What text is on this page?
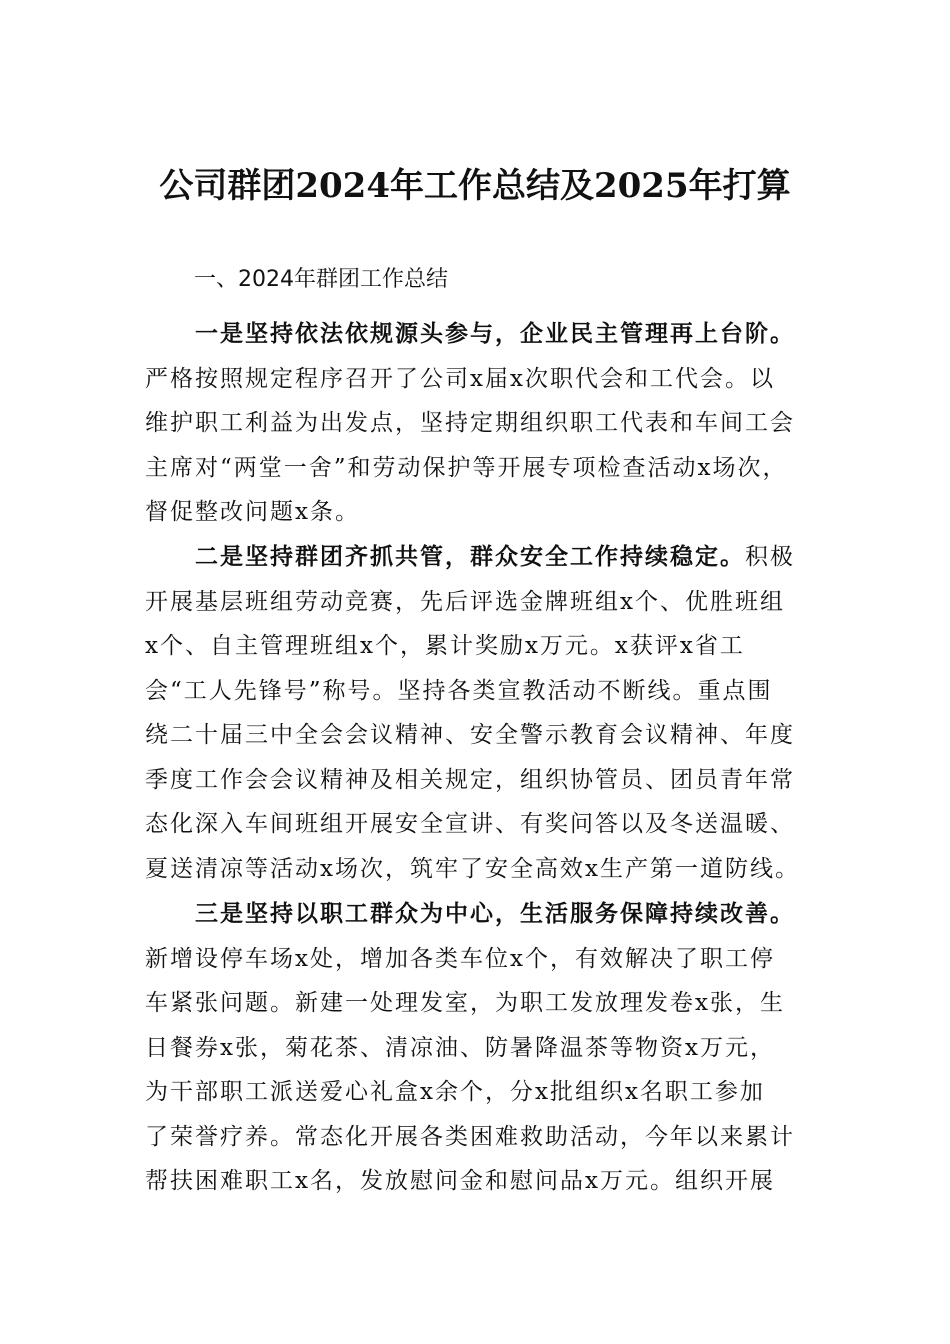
公司群团2024年工作总结及2025年打算
一、2024年群团工作总结
一是坚持依法依规源头参与，企业民主管理再上台阶。
严格按照规定程序召开了公司x届x次职代会和工代会。以
维护职工利益为出发点，坚持定期组织职工代表和车间工会
主席对“两堂一舍”和劳动保护等开展专项检查活动x场次，
督促整改问题x条。
二是坚持群团齐抓共管，群众安全工作持续稳定。积极
开展基层班组劳动竞赛，先后评选金牌班组x个、优胜班组
x个、自主管理班组x个，累计奖励x万元。x获评x省工
会“工人先锋号”称号。坚持各类宣教活动不断线。重点围
绕二十届三中全会会议精神、安全警示教育会议精神、年度
季度工作会会议精神及相关规定，组织协管员、团员青年常
态化深入车间班组开展安全宣讲、有奖问答以及冬送温暖、
夏送清凉等活动x场次，筑牢了安全高效x生产第一道防线。
三是坚持以职工群众为中心，生活服务保障持续改善。
新增设停车场x处，增加各类车位x个，有效解决了职工停
车紧张问题。新建一处理发室，为职工发放理发卷x张，生
日餐券x张，菊花茶、清凉油、防暑降温茶等物资x万元，
为干部职工派送爱心礼盒x余个，分x批组织x名职工参加
了荣誉疗养。常态化开展各类困难救助活动，今年以来累计
帮扶困难职工x名，发放慰问金和慰问品x万元。组织开展
